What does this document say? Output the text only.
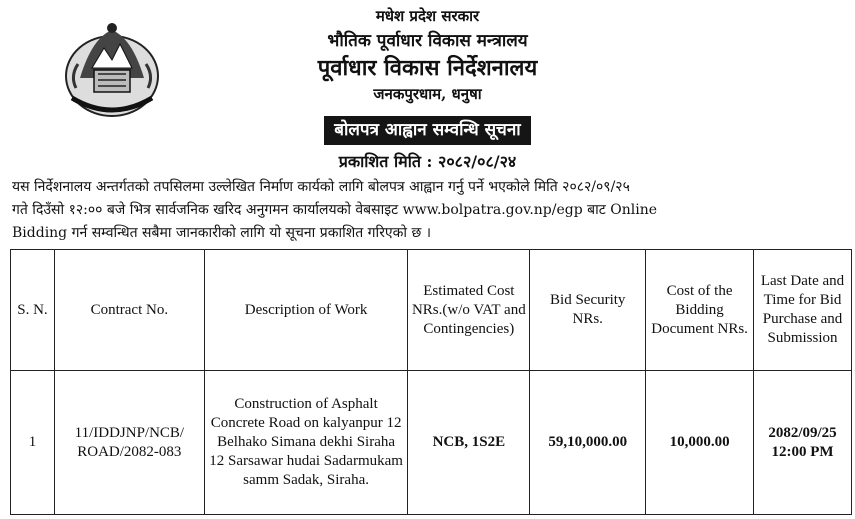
मधेश प्रदेश सरकार
भौतिक पूर्वाधार विकास मन्त्रालय
पूर्वाधार विकास निर्देशनालय
जनकपुरधाम, धनुषा
बोलपत्र आह्वान सम्वन्धि सूचना
प्रकाशित मिति : २०८२/०८/२४
यस निर्देशनालय अन्तर्गतको तपसिलमा उल्लेखित निर्माण कार्यको लागि बोलपत्र आह्वान गर्नु पर्ने भएकोले मिति २०८२/०९/२५
गते दिउँसो १२:०० बजे भित्र सार्वजनिक खरिद अनुगमन कार्यालयको वेबसाइट www.bolpatra.gov.np/egp बाट Online
Bidding गर्न सम्वन्धित सबैमा जानकारीको लागि यो सूचना प्रकाशित गरिएको छ ।
S. N.	Contract No.	Description of Work	Estimated Cost NRs.(w/o VAT and Contingencies)	Bid Security NRs.	Cost of the Bidding Document NRs.	Last Date and Time for Bid Purchase and Submission
1	11/IDDJNP/NCB/ ROAD/2082-083	Construction of Asphalt Concrete Road on kalyanpur 12 Belhako Simana dekhi Siraha 12 Sarsawar hudai Sadarmukam samm Sadak, Siraha.	NCB, 1S2E	59,10,000.00	10,000.00	2082/09/25 12:00 PM
